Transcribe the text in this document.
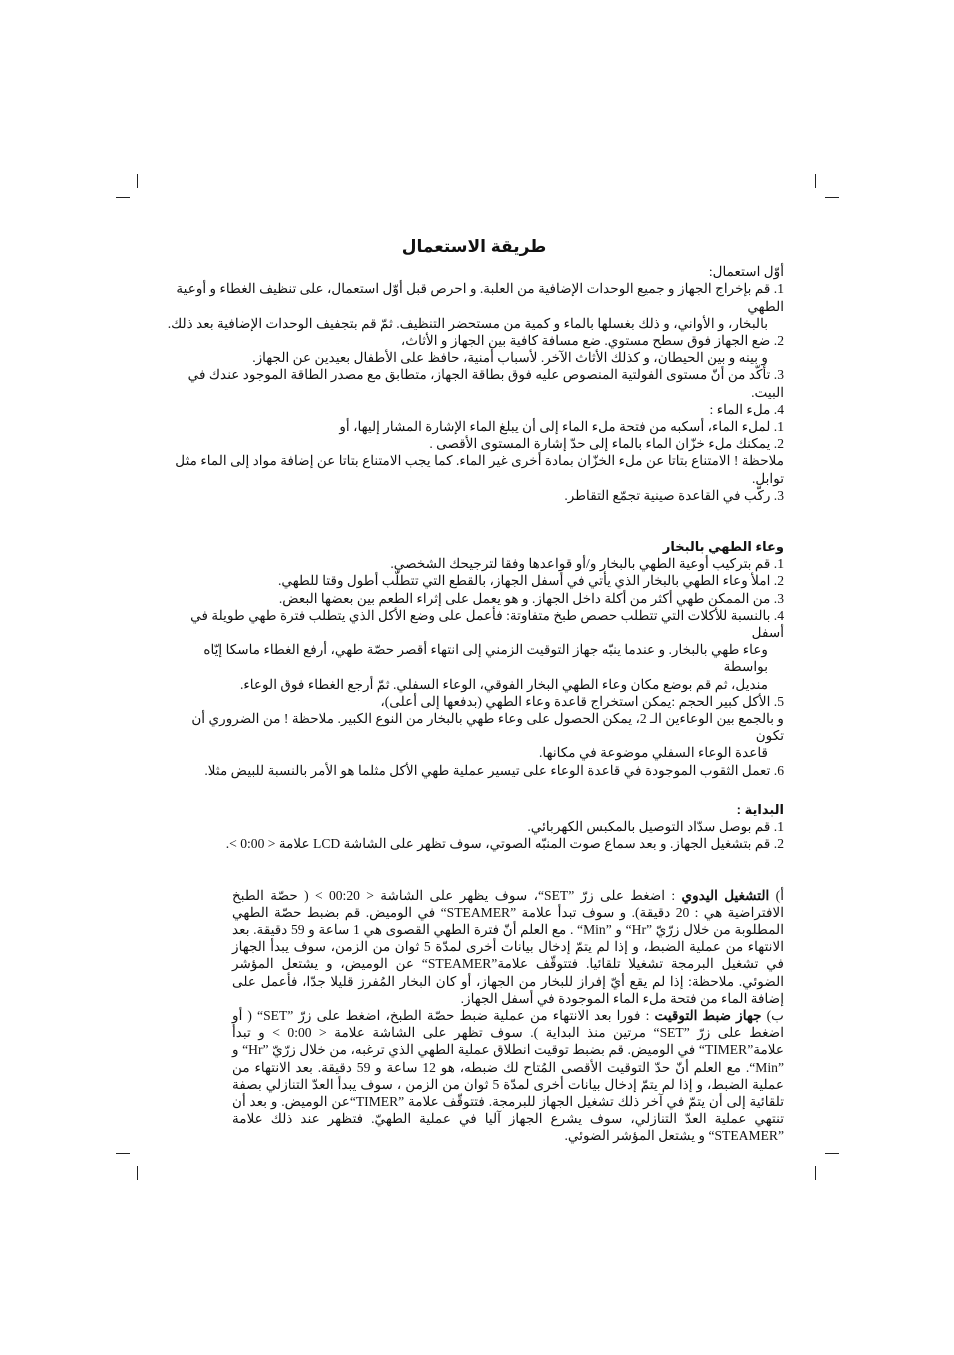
طريقة الاستعمال

أوّل استعمال:

1. قم بإخراج الجهاز و جميع الوحدات الإضافية من العلبة. و احرص قبل أوّل استعمال، على تنظيف الغطاء و أوعية الطهي

بالبخار، و الأواني، و ذلك بغسلها بالماء و كمية من مستحضر التنظيف. ثمّ قم بتجفيف الوحدات الإضافية بعد ذلك.

2. ضع الجهاز فوق سطح مستوي. ضع مسافة كافية بين الجهاز و الأثاث،

و بينه و بين الحيطان، و كذلك الأثاث الآخر. لأسباب أمنية، حافظ على الأطفال بعيدين عن الجهاز.

3. تأكّد من أنّ مستوى الفولتية المنصوص عليه فوق بطاقة الجهاز، متطابق مع مصدر الطاقة الموجود عندك في البيت.

4. ملء الماء :

1. لملء الماء، أسكبه من فتحة ملء الماء إلى أن يبلغ الماء الإشارة المشار إليها، أو

2. يمكنك ملء خزّان الماء بالماء إلى حدّ إشارة المستوى الأقصى .

ملاحظة ! الامتناع بتاتا عن ملء الخزّان بمادة أخرى غير الماء. كما يجب الامتناع بتاتا عن إضافة مواد إلى الماء مثل توابل.

3. ركّب في القاعدة صينية تجمّع التقاطر.

وعاء الطهي بالبخار

1. قم بتركيب أوعية الطهي بالبخار و/أو قواعدها وفقا لترجيحك الشخصي.

2. املأ وعاء الطهي بالبخار الذي يأتي في أسفل الجهاز، بالقطع التي تتطلّب أطول وقتا للطهي.

3. من الممكن طهي أكثر من أكلة داخل الجهاز. و هو يعمل على إثراء الطعم بين بعضها البعض.

4. بالنسبة للأكلات التي تتطلب حصص طبخ متفاوتة: فأعمل على وضع الأكل الذي يتطلب فترة طهي طويلة في أسفل

وعاء طهي بالبخار. و عندما ينبّه جهاز التوقيت الزمني إلى انتهاء أقصر حصّة طهي، أرفع الغطاء ماسكا إيّاه بواسطة

منديل، ثم قم بوضع مكان وعاء الطهي البخار الفوقي، الوعاء السفلي. ثمّ أرجع الغطاء فوق الوعاء.

5. الأكل كبير الحجم :يمكن استخراج قاعدة وعاء الطهي (بدفعها إلى أعلى)،

و بالجمع بين الوعاءين الـ 2، يمكن الحصول على وعاء طهي بالبخار من النوع الكبير. ملاحظة ! من الضروري أن تكون

قاعدة الوعاء السفلي موضوعة في مكانها.

6. تعمل الثقوب الموجودة في قاعدة الوعاء على تيسير عملية طهي الأكل مثلما هو الأمر بالنسبة للبيض مثلا.

البداية :

1. قم بوصل سدّاد التوصيل بالمكبس الكهربائي.

2. قم بتشغيل الجهاز. و بعد سماع صوت المنبّه الصوتي، سوف تظهر على الشاشة LCD علامة < 0:00 >.

أ) التشغيل اليدوي : اضغط على زرّ ”SET“، سوف يظهر على الشاشة < 00:20 > ( حصّة الطبخ الافتراضية هي : 20 دقيقة). و سوف تبدأ علامة ”STEAMER“ في الوميض. قم بضبط حصّة الطهي المطلوبة من خلال زرّيّ ”Hr“ و ”Min“ . مع العلم أنّ فترة الطهي القصوى هي 1 ساعة و 59 دقيقة. بعد الانتهاء من عملية الضبط، و إذا لم يتمّ إدخال بيانات أخرى لمدّة 5 ثوان من الزمن، سوف يبدأ الجهاز في تشغيل البرمجة تشغيلا تلقائيا. فتتوقّف علامة”STEAMER“ عن الوميض، و يشتعل المؤشر الضوئي. ملاحظة: إذا لم يقع أيّ إفراز للبخار من الجهاز، أو كان البخار المُفرز قليلا جدّا، فأعمل على إضافة الماء من فتحة ملء الماء الموجودة في أسفل الجهاز.
ب) جهاز ضبط التوقيت : فورا بعد الانتهاء من عملية ضبط حصّة الطبخ، اضغط على زرّ ”SET“ ( أو اضغط على زرّ ”SET“ مرتين منذ البداية ). سوف تظهر على الشاشة علامة < 0:00 > و تبدأ علامة”TIMER“ في الوميض. قم بضبط توقيت انطلاق عملية الطهي الذي ترغبه، من خلال زرّيّ ”Hr“ و ”Min“. مع العلم أنّ حدّ التوقيت الأقصى المُتاح لك ضبطه، هو 12 ساعة و 59 دقيقة. بعد الانتهاء من عملية الضبط، و إذا لم يتمّ إدخال بيانات أخرى لمدّة 5 ثوان من الزمن ، سوف يبدأ العدّ التنازلي بصفة تلقائية إلى أن يتمّ في آخر ذلك تشغيل الجهاز للبرمجة. فتتوقّف علامة ”TIMER“عن الوميض. و بعد أن تنتهي عملية العدّ التنازلي، سوف يشرع الجهاز آليا في عملية الطهيّ. فتظهر عند ذلك علامة ”STEAMER“ و يشتعل المؤشر الضوئي.
